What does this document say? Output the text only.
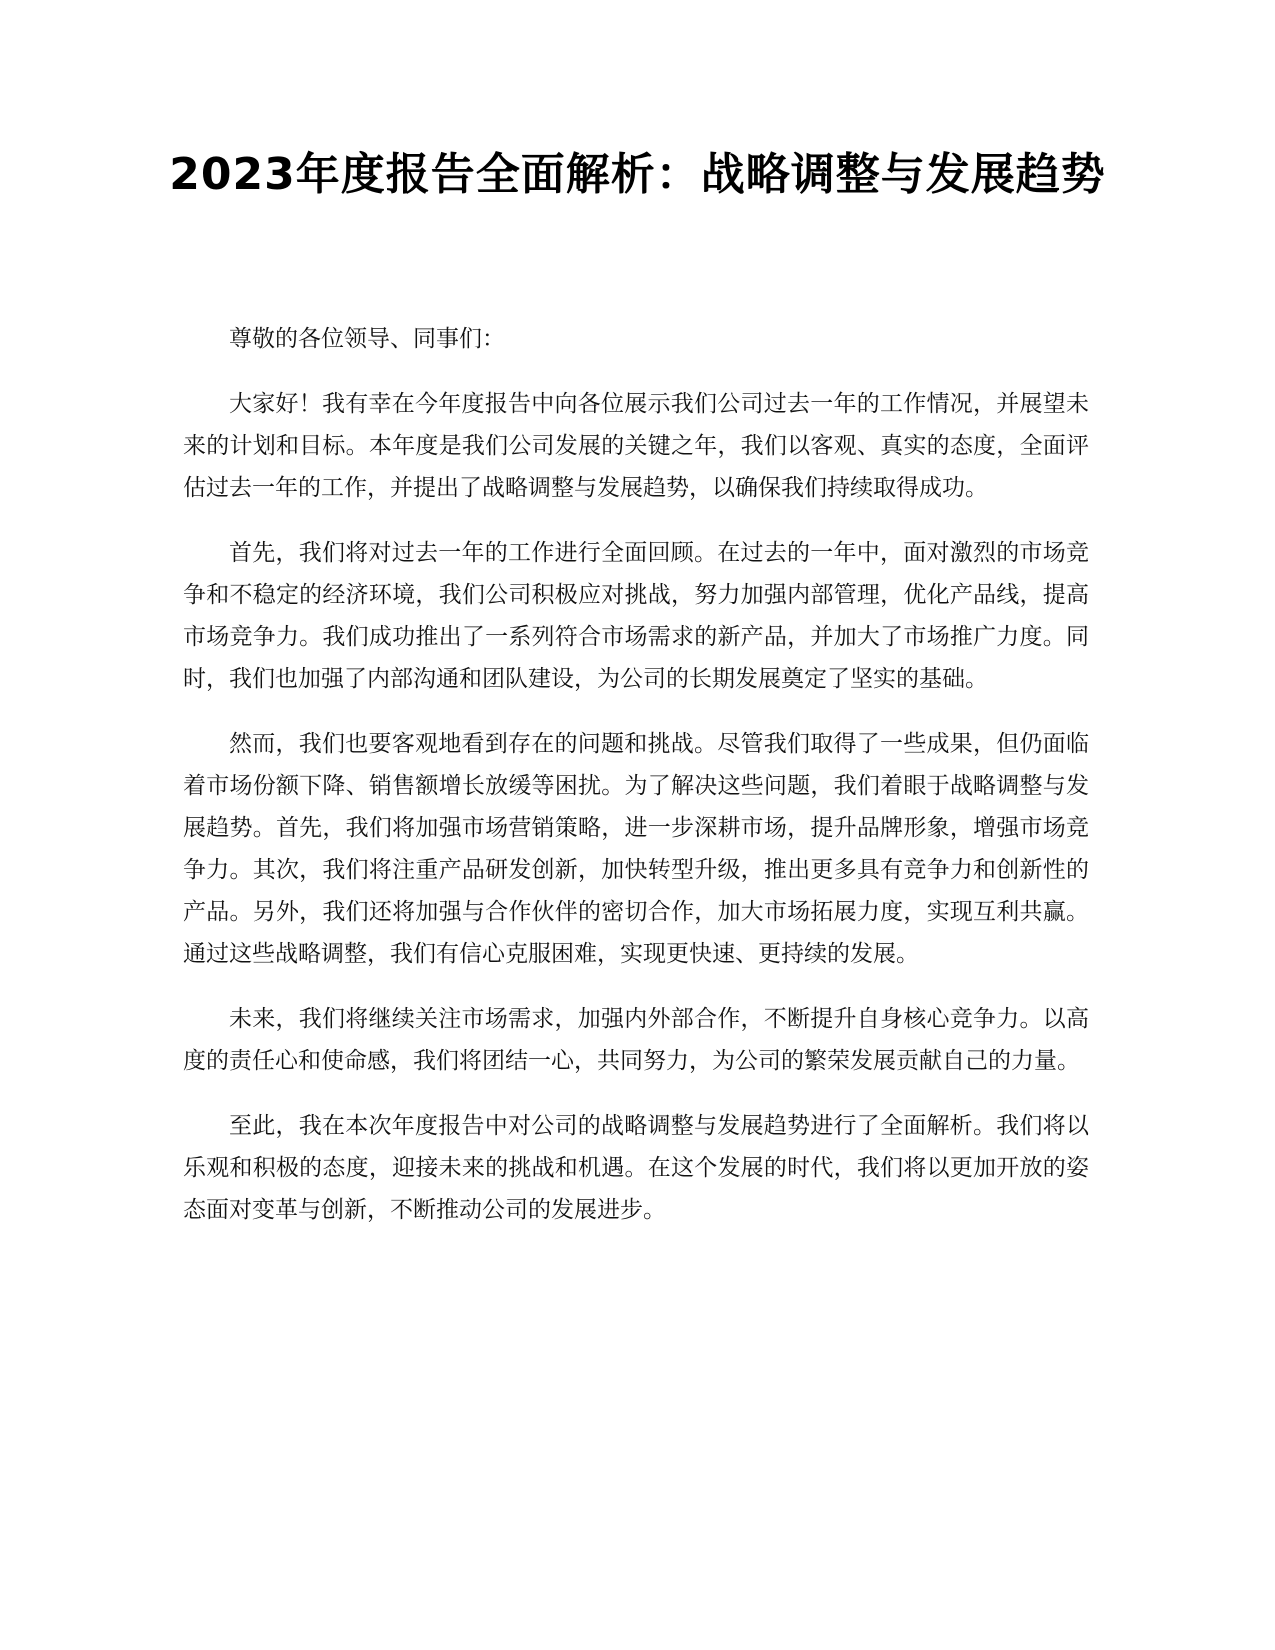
2023年度报告全面解析：战略调整与发展趋势

尊敬的各位领导、同事们：

大家好！我有幸在今年度报告中向各位展示我们公司过去一年的工作情况，并展望未来的计划和目标。本年度是我们公司发展的关键之年，我们以客观、真实的态度，全面评估过去一年的工作，并提出了战略调整与发展趋势，以确保我们持续取得成功。

首先，我们将对过去一年的工作进行全面回顾。在过去的一年中，面对激烈的市场竞争和不稳定的经济环境，我们公司积极应对挑战，努力加强内部管理，优化产品线，提高市场竞争力。我们成功推出了一系列符合市场需求的新产品，并加大了市场推广力度。同时，我们也加强了内部沟通和团队建设，为公司的长期发展奠定了坚实的基础。

然而，我们也要客观地看到存在的问题和挑战。尽管我们取得了一些成果，但仍面临着市场份额下降、销售额增长放缓等困扰。为了解决这些问题，我们着眼于战略调整与发展趋势。首先，我们将加强市场营销策略，进一步深耕市场，提升品牌形象，增强市场竞争力。其次，我们将注重产品研发创新，加快转型升级，推出更多具有竞争力和创新性的产品。另外，我们还将加强与合作伙伴的密切合作，加大市场拓展力度，实现互利共赢。通过这些战略调整，我们有信心克服困难，实现更快速、更持续的发展。

未来，我们将继续关注市场需求，加强内外部合作，不断提升自身核心竞争力。以高度的责任心和使命感，我们将团结一心，共同努力，为公司的繁荣发展贡献自己的力量。

至此，我在本次年度报告中对公司的战略调整与发展趋势进行了全面解析。我们将以乐观和积极的态度，迎接未来的挑战和机遇。在这个发展的时代，我们将以更加开放的姿态面对变革与创新，不断推动公司的发展进步。
